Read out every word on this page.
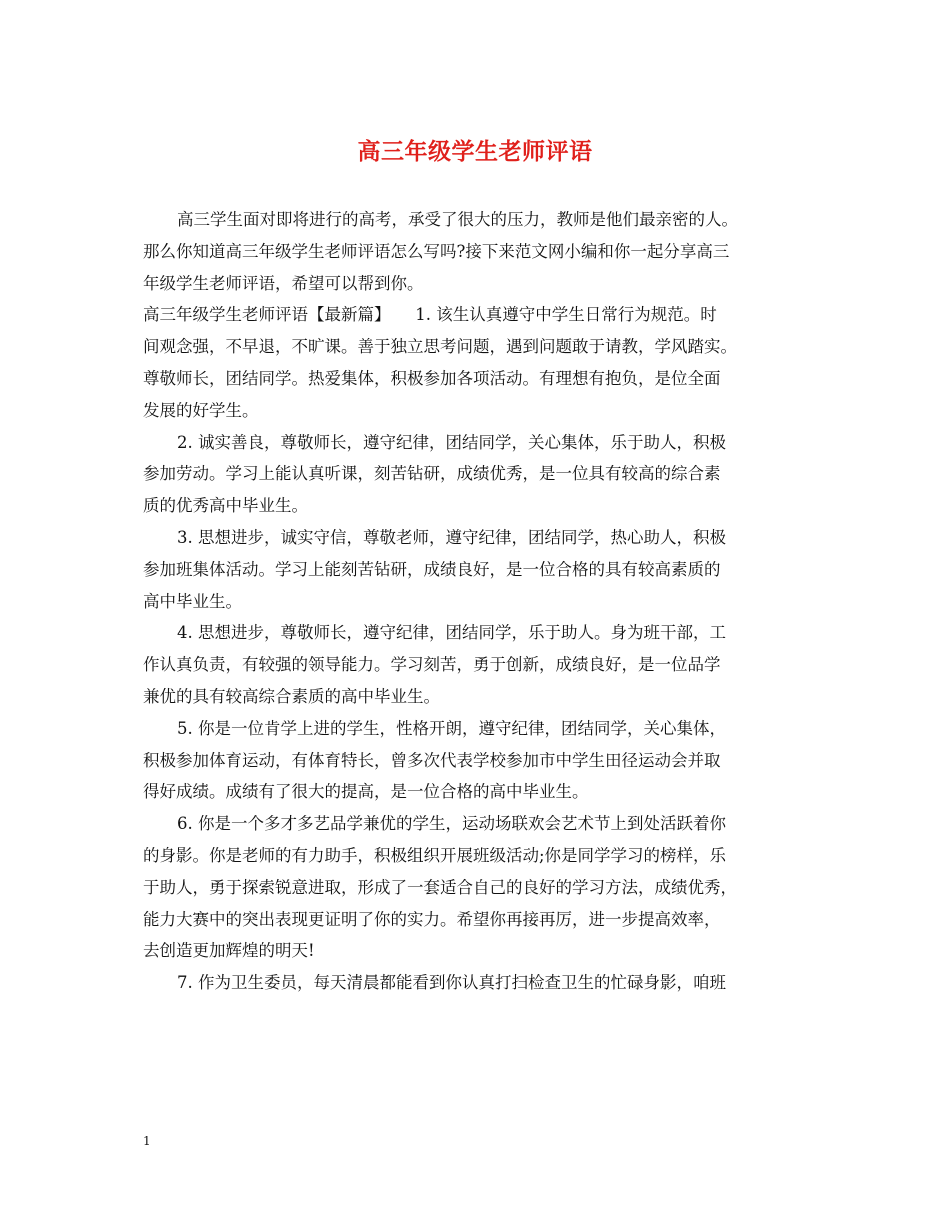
高三年级学生老师评语
高三学生面对即将进行的高考，承受了很大的压力，教师是他们最亲密的人。
那么你知道高三年级学生老师评语怎么写吗?接下来范文网小编和你一起分享高三
年级学生老师评语，希望可以帮到你。
高三年级学生老师评语【最新篇】　　1. 该生认真遵守中学生日常行为规范。时
间观念强，不早退，不旷课。善于独立思考问题，遇到问题敢于请教，学风踏实。
尊敬师长，团结同学。热爱集体，积极参加各项活动。有理想有抱负，是位全面
发展的好学生。
2. 诚实善良，尊敬师长，遵守纪律，团结同学，关心集体，乐于助人，积极
参加劳动。学习上能认真听课，刻苦钻研，成绩优秀，是一位具有较高的综合素
质的优秀高中毕业生。
3. 思想进步，诚实守信，尊敬老师，遵守纪律，团结同学，热心助人，积极
参加班集体活动。学习上能刻苦钻研，成绩良好，是一位合格的具有较高素质的
高中毕业生。
4. 思想进步，尊敬师长，遵守纪律，团结同学，乐于助人。身为班干部，工
作认真负责，有较强的领导能力。学习刻苦，勇于创新，成绩良好，是一位品学
兼优的具有较高综合素质的高中毕业生。
5. 你是一位肯学上进的学生，性格开朗，遵守纪律，团结同学，关心集体，
积极参加体育运动，有体育特长，曾多次代表学校参加市中学生田径运动会并取
得好成绩。成绩有了很大的提高，是一位合格的高中毕业生。
6. 你是一个多才多艺品学兼优的学生，运动场联欢会艺术节上到处活跃着你
的身影。你是老师的有力助手，积极组织开展班级活动;你是同学学习的榜样，乐
于助人，勇于探索锐意进取，形成了一套适合自己的良好的学习方法，成绩优秀，
能力大赛中的突出表现更证明了你的实力。希望你再接再厉，进一步提高效率，
去创造更加辉煌的明天!
7. 作为卫生委员，每天清晨都能看到你认真打扫检查卫生的忙碌身影，咱班
1
